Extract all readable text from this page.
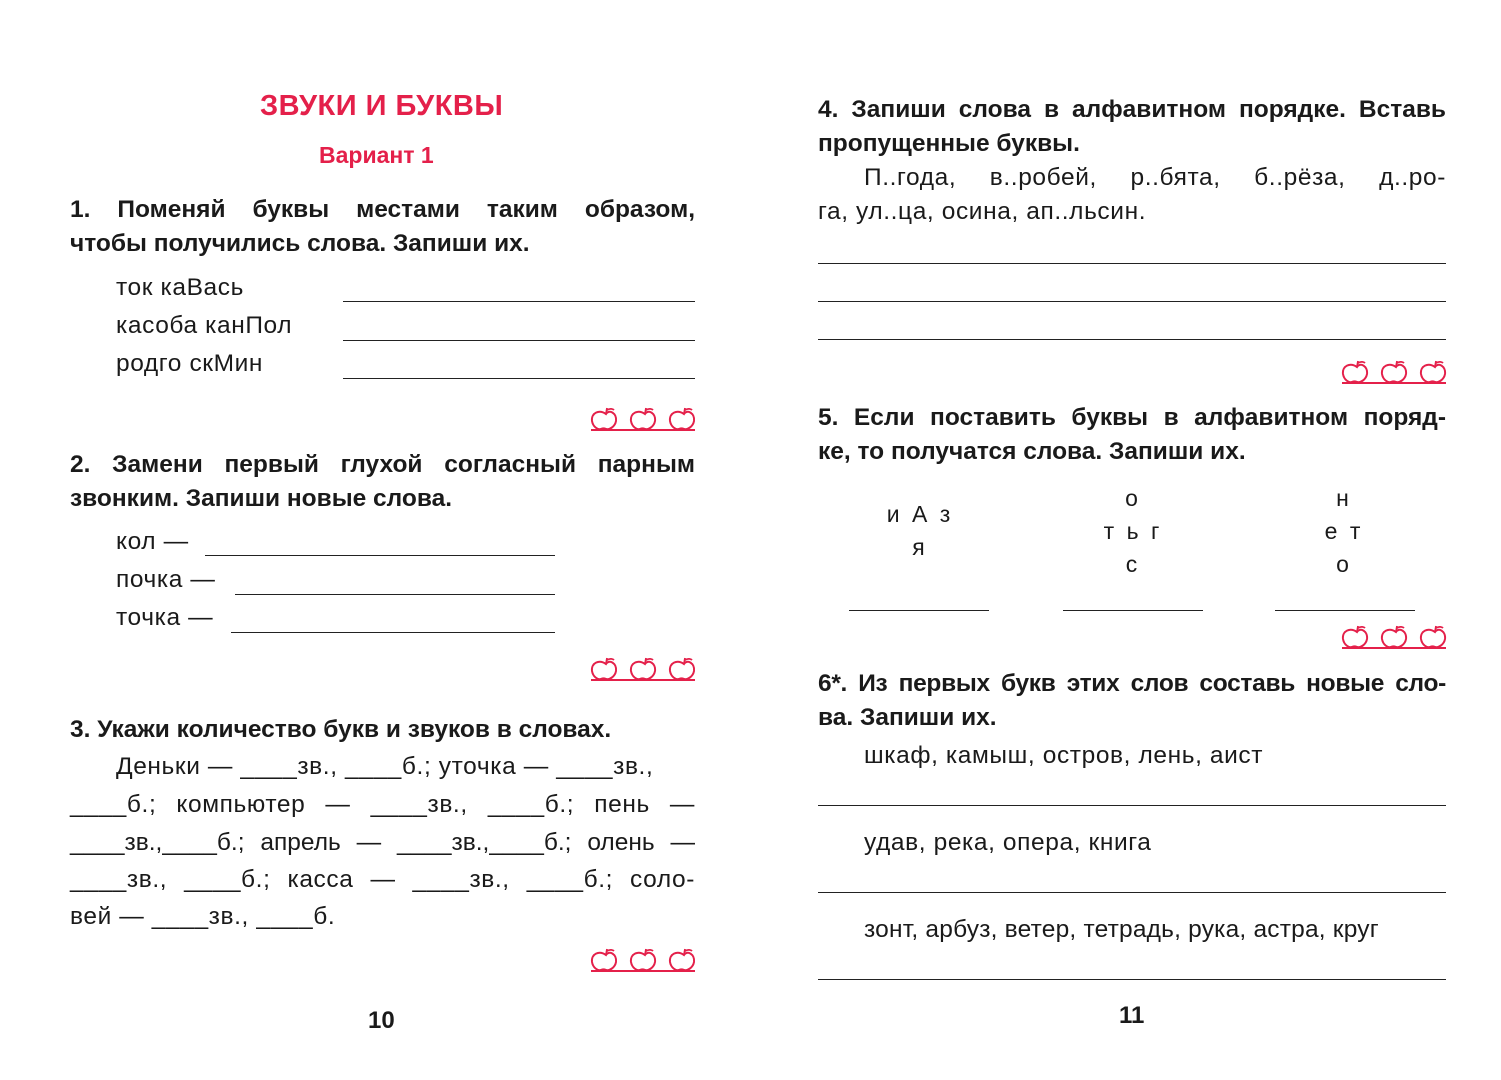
ЗВУКИ И БУКВЫ
Вариант 1
1. Поменяй буквы местами таким образом,
чтобы получились слова. Запиши их.
ток каВась
касоба канПол
родго скМин
2. Замени первый глухой согласный парным
звонким. Запиши новые слова.
кол —
почка —
точка —
3. Укажи количество букв и звуков в словах.
Деньки — ____зв., ____б.; уточка — ____зв.,
____б.; компьютер — ____зв., ____б.; пень —
____зв.,____б.; апрель — ____зв.,____б.; олень —
____зв., ____б.; касса — ____зв., ____б.; соло-
вей — ____зв., ____б.
10
4. Запиши слова в алфавитном порядке. Вставь
пропущенные буквы.
П..года, в..робей, р..бята, б..рёза, д..ро-
га, ул..ца, осина, ап..льсин.
5. Если поставить буквы в алфавитном поряд-
ке, то получатся слова. Запиши их.
и А з
я
о
т ь г
с
н
е т
о
6*. Из первых букв этих слов составь новые сло-
ва. Запиши их.
шкаф, камыш, остров, лень, аист
удав, река, опера, книга
зонт, арбуз, ветер, тетрадь, рука, астра, круг
11
